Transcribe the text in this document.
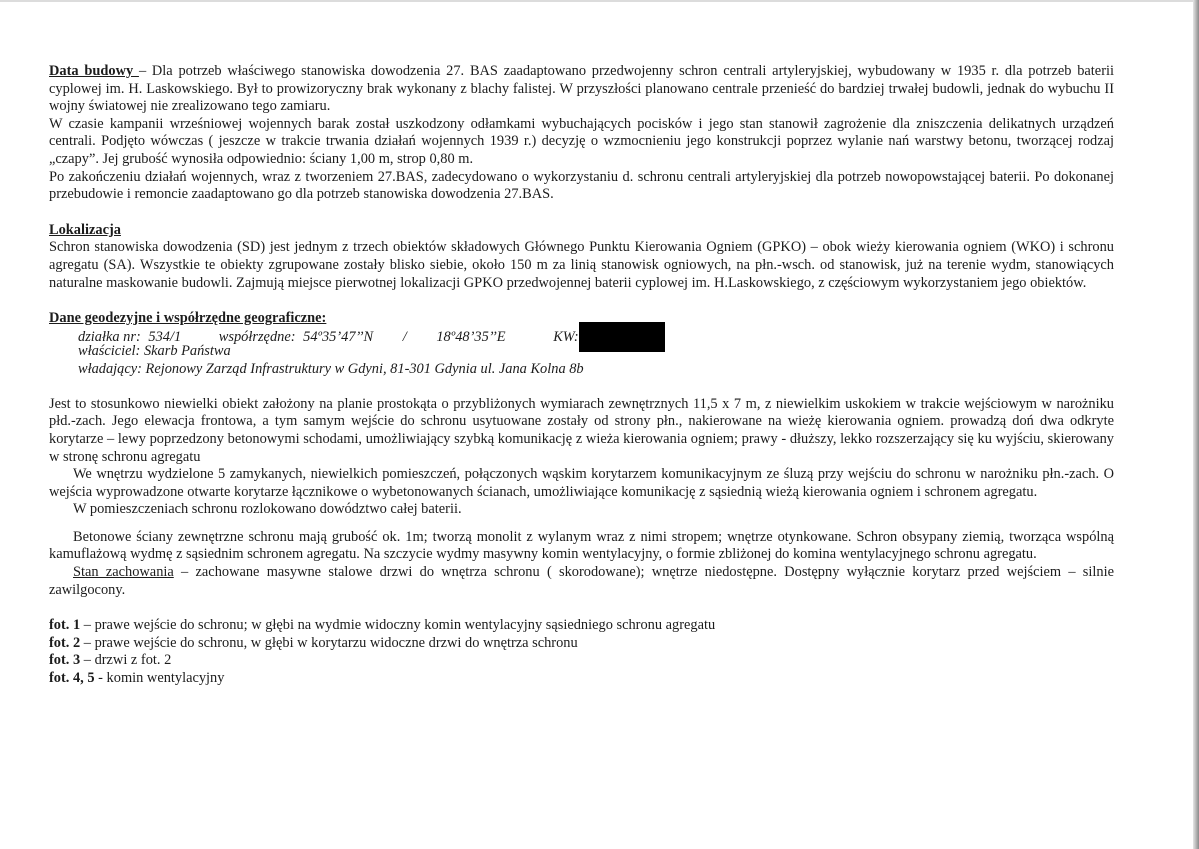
Data budowy – Dla potrzeb właściwego stanowiska dowodzenia 27. BAS zaadaptowano przedwojenny schron centrali artyleryjskiej, wybudowany w 1935 r. dla potrzeb baterii cyplowej im. H. Laskowskiego. Był to prowizoryczny brak wykonany z blachy falistej. W przyszłości planowano centrale przenieść do bardziej trwałej budowli, jednak do wybuchu II wojny światowej nie zrealizowano tego zamiaru.

W czasie kampanii wrześniowej wojennych barak został uszkodzony odłamkami wybuchających pocisków i jego stan stanowił zagrożenie dla zniszczenia delikatnych urządzeń centrali. Podjęto wówczas ( jeszcze w trakcie trwania działań wojennych 1939 r.) decyzję o wzmocnieniu jego konstrukcji poprzez wylanie nań warstwy betonu, tworzącej rodzaj „czapy”. Jej grubość wynosiła odpowiednio: ściany 1,00 m, strop 0,80 m.

Po zakończeniu działań wojennych, wraz z tworzeniem 27.BAS, zadecydowano o wykorzystaniu d. schronu centrali artyleryjskiej dla potrzeb nowopowstającej baterii. Po dokonanej przebudowie i remoncie zaadaptowano go dla potrzeb stanowiska dowodzenia 27.BAS.

Lokalizacja

Schron stanowiska dowodzenia (SD) jest jednym z trzech obiektów składowych Głównego Punktu Kierowania Ogniem (GPKO) – obok wieży kierowania ogniem (WKO) i schronu agregatu (SA). Wszystkie te obiekty zgrupowane zostały blisko siebie, około 150 m za linią stanowisk ogniowych, na płn.-wsch. od stanowisk, już na terenie wydm, stanowiących naturalne maskowanie budowli. Zajmują miejsce pierwotnej lokalizacji GPKO przedwojennej baterii cyplowej im. H.Laskowskiego, z częściowym wykorzystaniem jego obiektów.

Dane geodezyjne i współrzędne geograficzne:

działka nr: 534/1	współrzędne: 54º35’47’’N / 18º48’35’’E	KW:

właściciel: Skarb Państwa

władający: Rejonowy Zarząd Infrastruktury w Gdyni, 81-301 Gdynia ul. Jana Kolna 8b

Jest to stosunkowo niewielki obiekt założony na planie prostokąta o przybliżonych wymiarach zewnętrznych 11,5 x 7 m, z niewielkim uskokiem w trakcie wejściowym w narożniku płd.-zach. Jego elewacja frontowa, a tym samym wejście do schronu usytuowane zostały od strony płn., nakierowane na wieżę kierowania ogniem. prowadzą doń dwa odkryte korytarze – lewy poprzedzony betonowymi schodami, umożliwiający szybką komunikację z wieża kierowania ogniem; prawy - dłuższy, lekko rozszerzający się ku wyjściu, skierowany w stronę schronu agregatu

We wnętrzu wydzielone 5 zamykanych, niewielkich pomieszczeń, połączonych wąskim korytarzem komunikacyjnym ze śluzą przy wejściu do schronu w narożniku płn.-zach. O wejścia wyprowadzone otwarte korytarze łącznikowe o wybetonowanych ścianach, umożliwiające komunikację z sąsiednią wieżą kierowania ogniem i schronem agregatu.

W pomieszczeniach schronu rozlokowano dowództwo całej baterii.

Betonowe ściany zewnętrzne schronu mają grubość ok. 1m; tworzą monolit z wylanym wraz z nimi stropem; wnętrze otynkowane. Schron obsypany ziemią, tworząca wspólną kamuflażową wydmę z sąsiednim schronem agregatu. Na szczycie wydmy masywny komin wentylacyjny, o formie zbliżonej do komina wentylacyjnego schronu agregatu.

Stan zachowania – zachowane masywne stalowe drzwi do wnętrza schronu ( skorodowane); wnętrze niedostępne. Dostępny wyłącznie korytarz przed wejściem – silnie zawilgocony.

fot. 1 – prawe wejście do schronu; w głębi na wydmie widoczny komin wentylacyjny sąsiedniego schronu agregatu

fot. 2 – prawe wejście do schronu, w głębi w korytarzu widoczne drzwi do wnętrza schronu

fot. 3 – drzwi z fot. 2

fot. 4, 5 - komin wentylacyjny
